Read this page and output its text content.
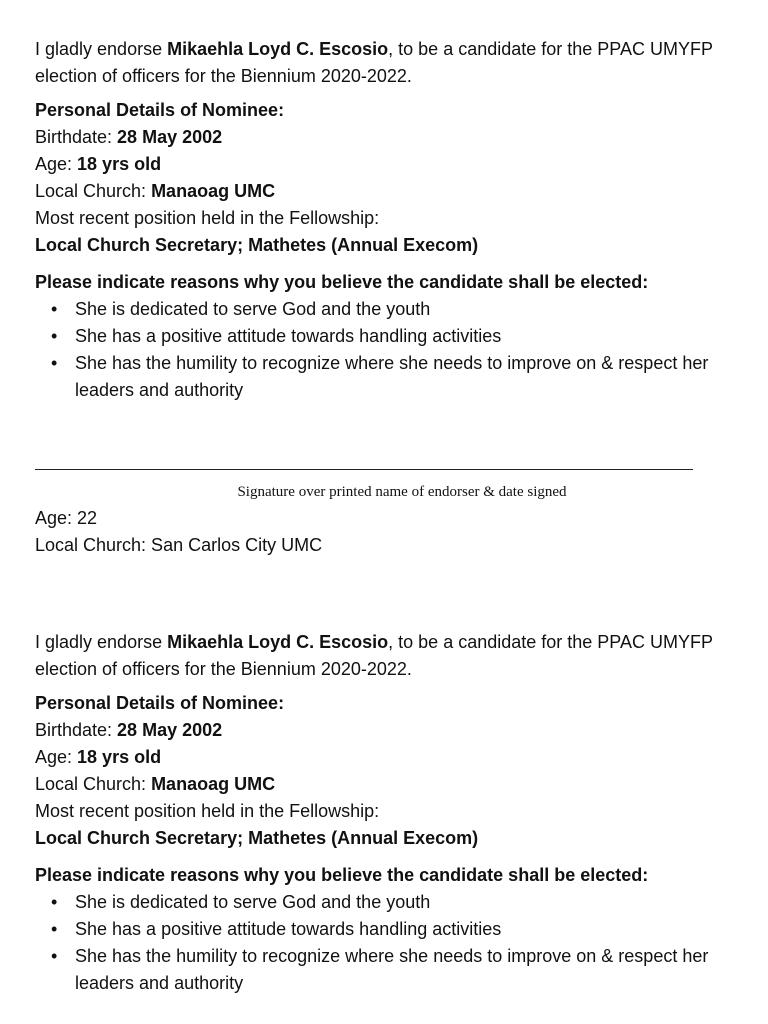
I gladly endorse Mikaehla Loyd C. Escosio, to be a candidate for the PPAC UMYFP
election of officers for the Biennium 2020-2022.
Personal Details of Nominee:
Birthdate: 28 May 2002
Age: 18 yrs old
Local Church: Manaoag UMC
Most recent position held in the Fellowship:
Local Church Secretary; Mathetes (Annual Execom)
Please indicate reasons why you believe the candidate shall be elected:
• She is dedicated to serve God and the youth
• She has a positive attitude towards handling activities
• She has the humility to recognize where she needs to improve on & respect her leaders and authority
Signature over printed name of endorser & date signed
Age: 22
Local Church: San Carlos City UMC
I gladly endorse Mikaehla Loyd C. Escosio, to be a candidate for the PPAC UMYFP
election of officers for the Biennium 2020-2022.
Personal Details of Nominee:
Birthdate: 28 May 2002
Age: 18 yrs old
Local Church: Manaoag UMC
Most recent position held in the Fellowship:
Local Church Secretary; Mathetes (Annual Execom)
Please indicate reasons why you believe the candidate shall be elected:
• She is dedicated to serve God and the youth
• She has a positive attitude towards handling activities
• She has the humility to recognize where she needs to improve on & respect her leaders and authority
